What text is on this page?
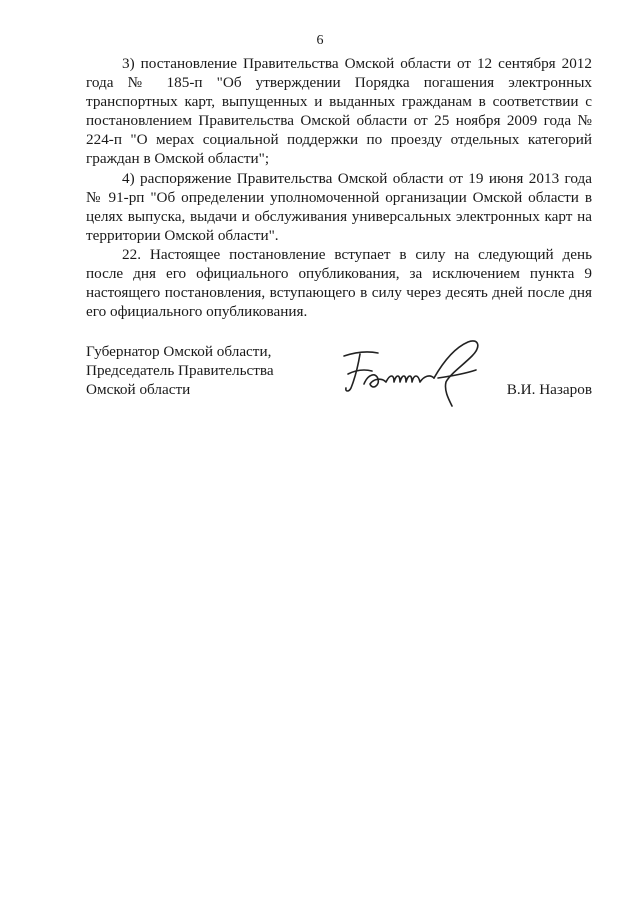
6

3) постановление Правительства Омской области от 12 сентября 2012 года № 185-п "Об утверждении Порядка погашения электронных транспортных карт, выпущенных и выданных гражданам в соответствии с постановлением Правительства Омской области от 25 ноября 2009 года № 224-п "О мерах социальной поддержки по проезду отдельных категорий граждан в Омской области";

4) распоряжение Правительства Омской области от 19 июня 2013 года № 91-рп "Об определении уполномоченной организации Омской области в целях выпуска, выдачи и обслуживания универсальных электронных карт на территории Омской области".

22. Настоящее постановление вступает в силу на следующий день после дня его официального опубликования, за исключением пункта 9 настоящего постановления, вступающего в силу через десять дней после дня его официального опубликования.

Губернатор Омской области,
Председатель Правительства
Омской области	В.И. Назаров
